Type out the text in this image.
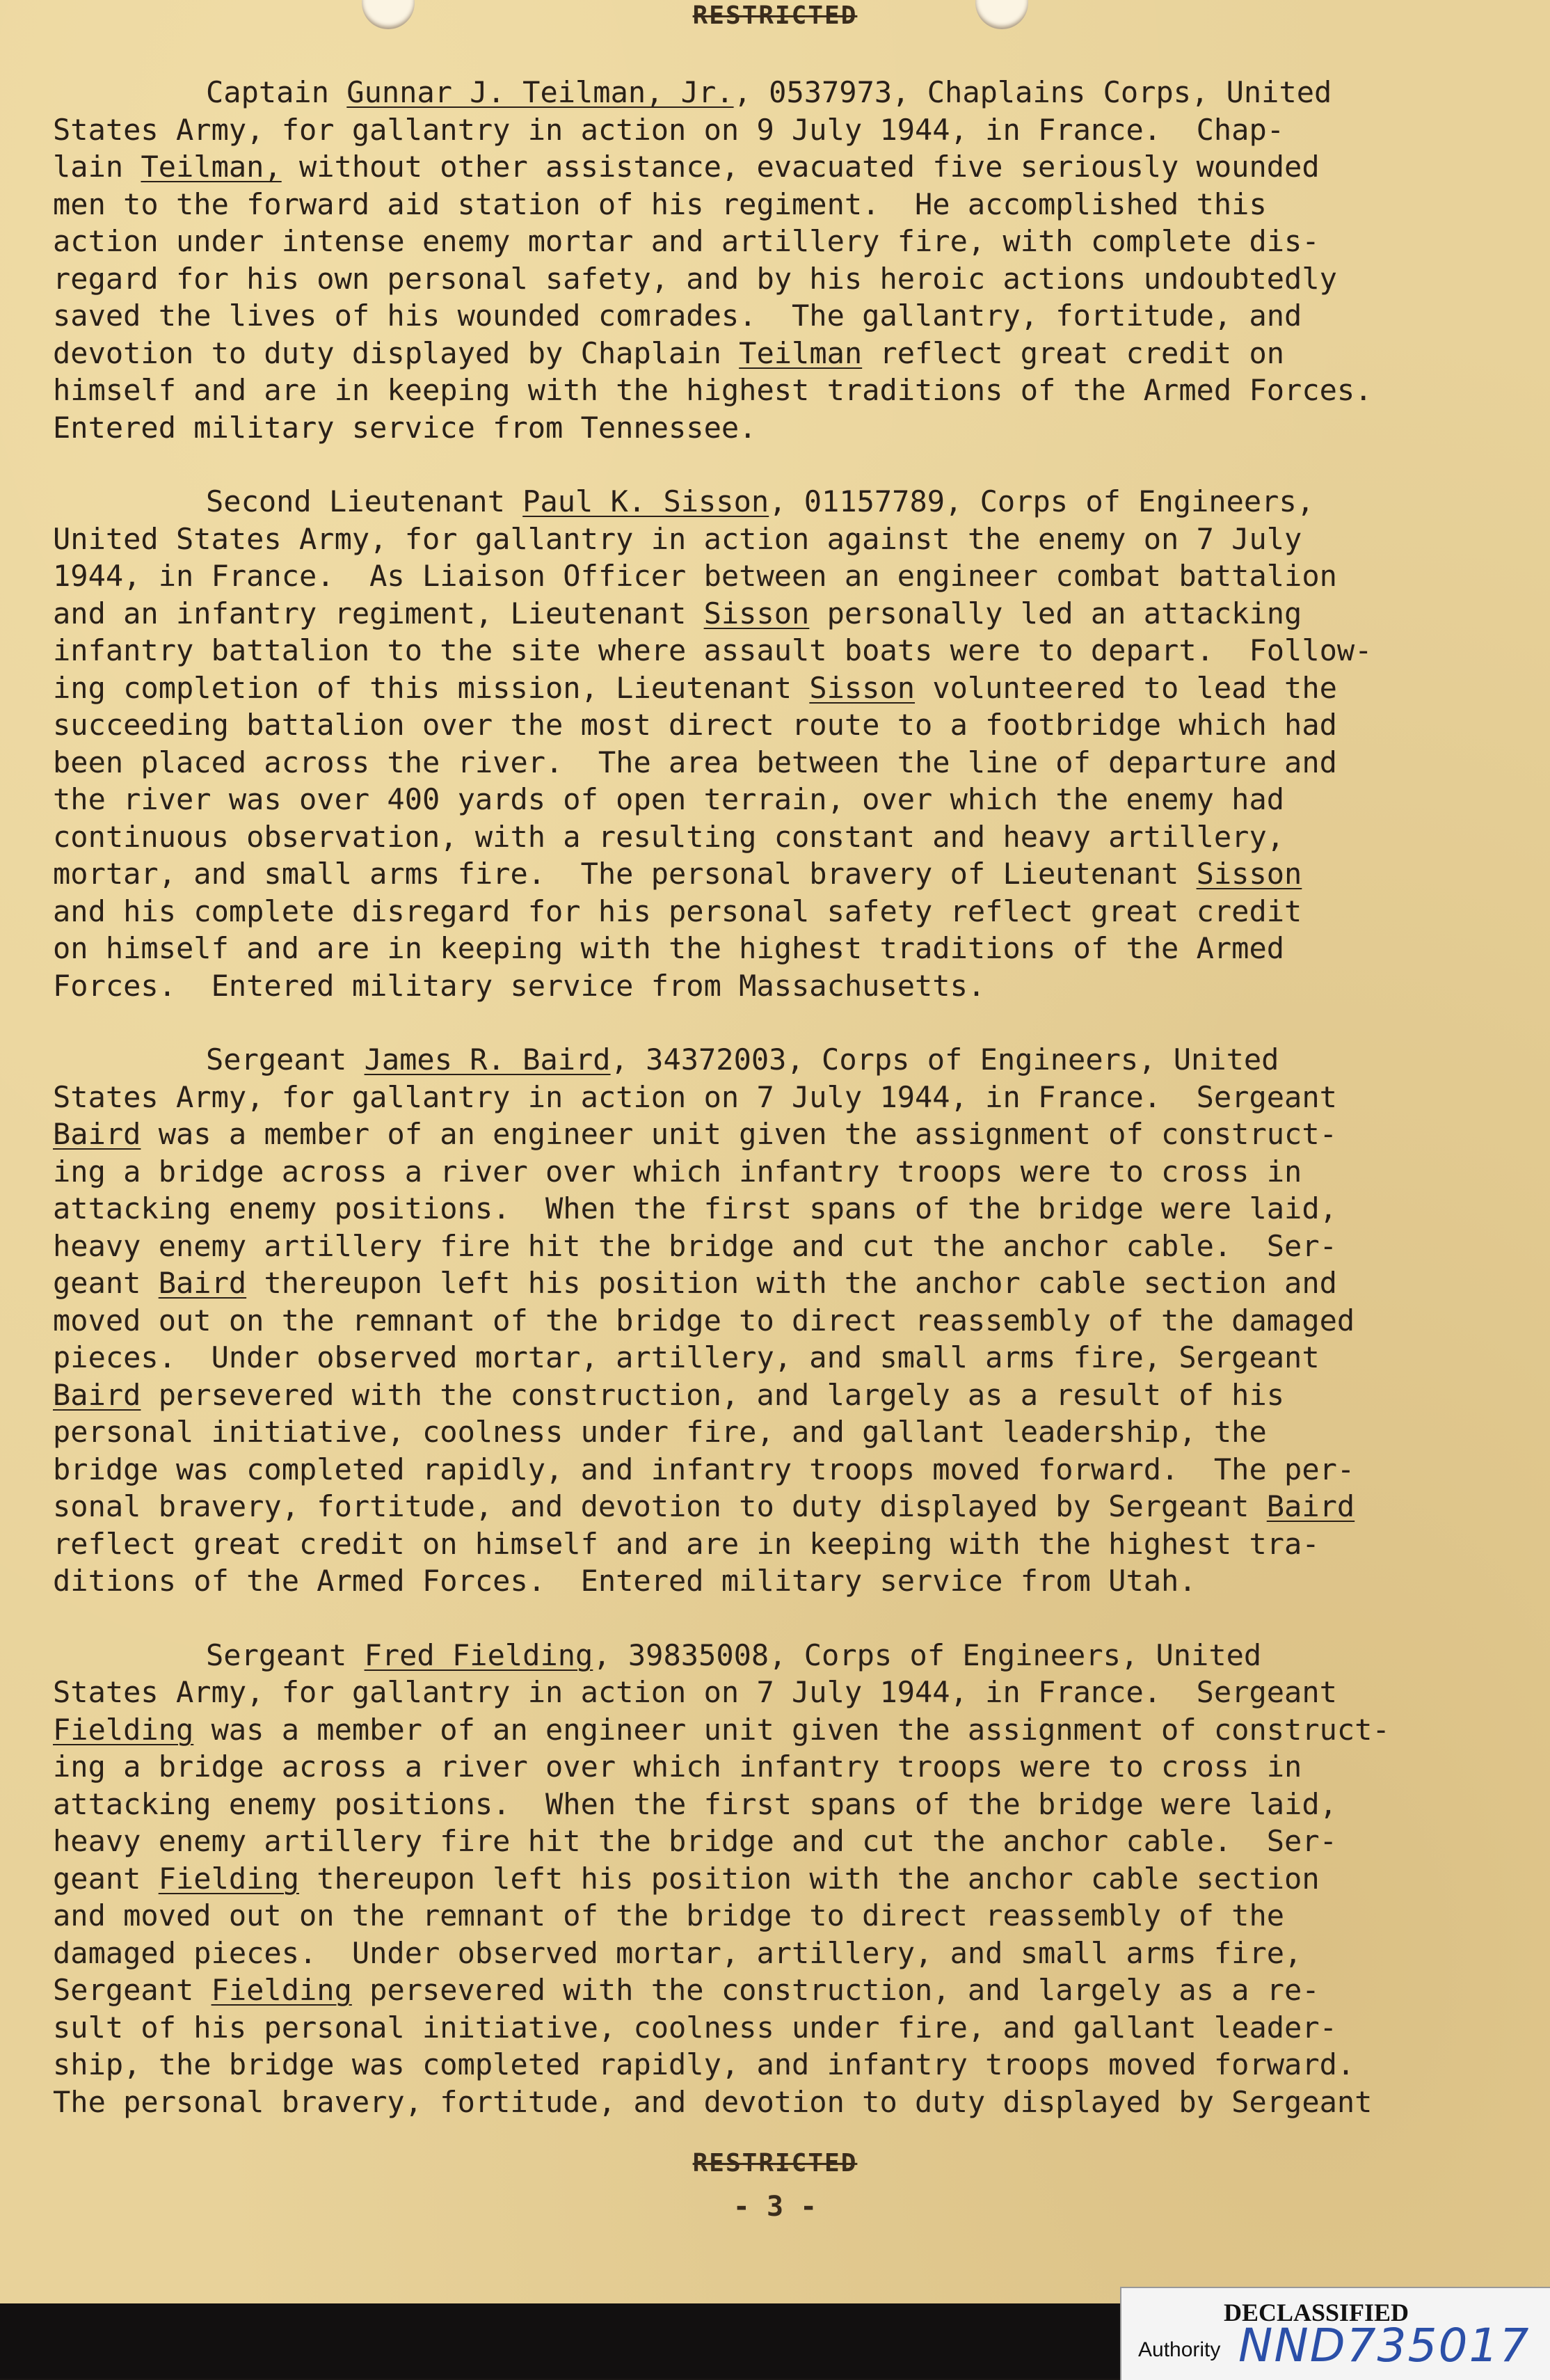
RESTRICTED
Captain Gunnar J. Teilman, Jr., 0537973, Chaplains Corps, United
States Army, for gallantry in action on 9 July 1944, in France.  Chap-
lain Teilman, without other assistance, evacuated five seriously wounded
men to the forward aid station of his regiment.  He accomplished this
action under intense enemy mortar and artillery fire, with complete dis-
regard for his own personal safety, and by his heroic actions undoubtedly
saved the lives of his wounded comrades.  The gallantry, fortitude, and
devotion to duty displayed by Chaplain Teilman reflect great credit on
himself and are in keeping with the highest traditions of the Armed Forces.
Entered military service from Tennessee.
Second Lieutenant Paul K. Sisson, 01157789, Corps of Engineers,
United States Army, for gallantry in action against the enemy on 7 July
1944, in France.  As Liaison Officer between an engineer combat battalion
and an infantry regiment, Lieutenant Sisson personally led an attacking
infantry battalion to the site where assault boats were to depart.  Follow-
ing completion of this mission, Lieutenant Sisson volunteered to lead the
succeeding battalion over the most direct route to a footbridge which had
been placed across the river.  The area between the line of departure and
the river was over 400 yards of open terrain, over which the enemy had
continuous observation, with a resulting constant and heavy artillery,
mortar, and small arms fire.  The personal bravery of Lieutenant Sisson
and his complete disregard for his personal safety reflect great credit
on himself and are in keeping with the highest traditions of the Armed
Forces.  Entered military service from Massachusetts.
Sergeant James R. Baird, 34372003, Corps of Engineers, United
States Army, for gallantry in action on 7 July 1944, in France.  Sergeant
Baird was a member of an engineer unit given the assignment of construct-
ing a bridge across a river over which infantry troops were to cross in
attacking enemy positions.  When the first spans of the bridge were laid,
heavy enemy artillery fire hit the bridge and cut the anchor cable.  Ser-
geant Baird thereupon left his position with the anchor cable section and
moved out on the remnant of the bridge to direct reassembly of the damaged
pieces.  Under observed mortar, artillery, and small arms fire, Sergeant
Baird persevered with the construction, and largely as a result of his
personal initiative, coolness under fire, and gallant leadership, the
bridge was completed rapidly, and infantry troops moved forward.  The per-
sonal bravery, fortitude, and devotion to duty displayed by Sergeant Baird
reflect great credit on himself and are in keeping with the highest tra-
ditions of the Armed Forces.  Entered military service from Utah.
Sergeant Fred Fielding, 39835008, Corps of Engineers, United
States Army, for gallantry in action on 7 July 1944, in France.  Sergeant
Fielding was a member of an engineer unit given the assignment of construct-
ing a bridge across a river over which infantry troops were to cross in
attacking enemy positions.  When the first spans of the bridge were laid,
heavy enemy artillery fire hit the bridge and cut the anchor cable.  Ser-
geant Fielding thereupon left his position with the anchor cable section
and moved out on the remnant of the bridge to direct reassembly of the
damaged pieces.  Under observed mortar, artillery, and small arms fire,
Sergeant Fielding persevered with the construction, and largely as a re-
sult of his personal initiative, coolness under fire, and gallant leader-
ship, the bridge was completed rapidly, and infantry troops moved forward.
The personal bravery, fortitude, and devotion to duty displayed by Sergeant
RESTRICTED
- 3 -
DECLASSIFIED
Authority NND735017
